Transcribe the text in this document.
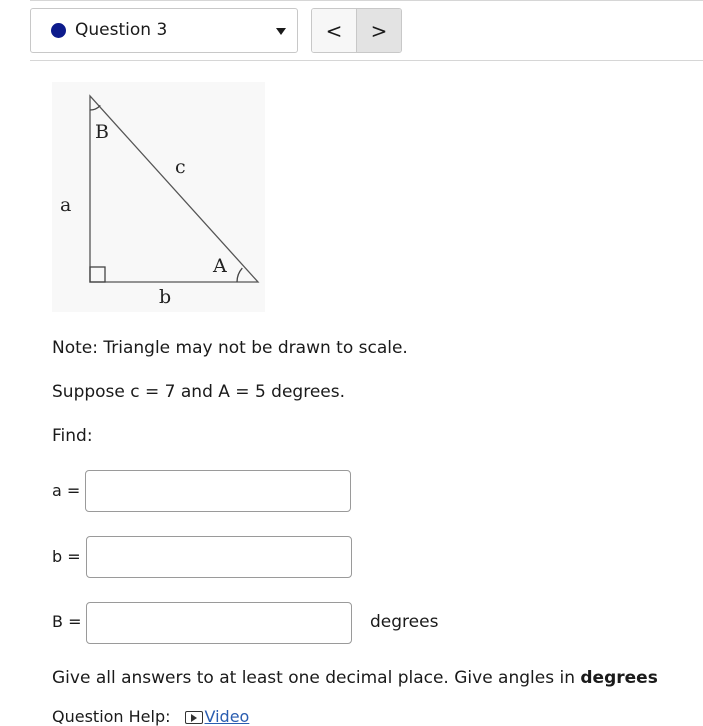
Question 3	<	>
B
c
a
A
b
Note: Triangle may not be drawn to scale.
Suppose c = 7 and A = 5 degrees.
Find:
a =
b =
B =	degrees
Give all answers to at least one decimal place. Give angles in degrees
Question Help: Video
